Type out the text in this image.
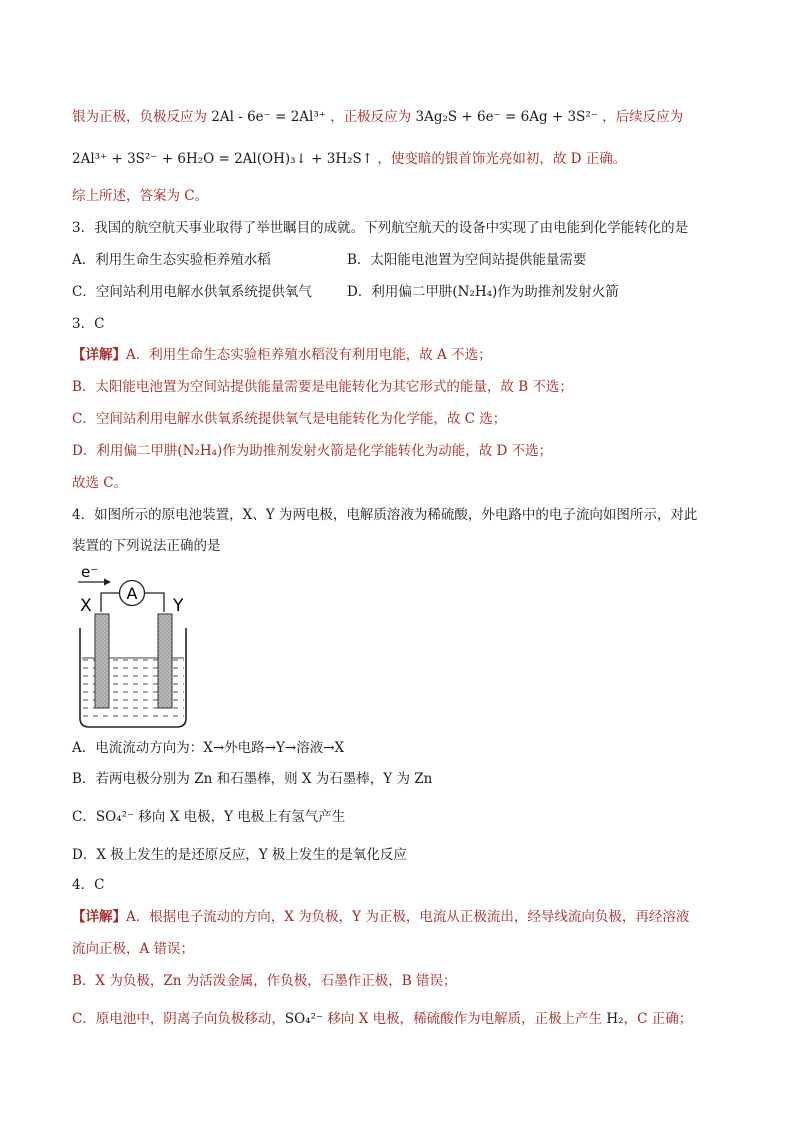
银为正极，负极反应为 2Al - 6e⁻ = 2Al³⁺ ，正极反应为 3Ag₂S + 6e⁻ = 6Ag + 3S²⁻ ，后续反应为
2Al³⁺ + 3S²⁻ + 6H₂O = 2Al(OH)₃↓ + 3H₂S↑ ，使变暗的银首饰光亮如初，故 D 正确。
综上所述，答案为 C。
3．我国的航空航天事业取得了举世瞩目的成就。下列航空航天的设备中实现了由电能到化学能转化的是
A．利用生命生态实验柜养殖水稻	B．太阳能电池置为空间站提供能量需要
C．空间站利用电解水供氧系统提供氧气	D．利用偏二甲肼(N₂H₄)作为助推剂发射火箭
3．C
【详解】A．利用生命生态实验柜养殖水稻没有利用电能，故 A 不选；
B．太阳能电池置为空间站提供能量需要是电能转化为其它形式的能量，故 B 不选；
C．空间站利用电解水供氧系统提供氧气是电能转化为化学能，故 C 选；
D．利用偏二甲肼(N₂H₄)作为助推剂发射火箭是化学能转化为动能，故 D 不选；
故选 C。
4．如图所示的原电池装置，X、Y 为两电极，电解质溶液为稀硫酸，外电路中的电子流向如图所示，对此
装置的下列说法正确的是
e⁻
A
X	Y
A．电流流动方向为：X→外电路→Y→溶液→X
B．若两电极分别为 Zn 和石墨棒，则 X 为石墨棒，Y 为 Zn
C．SO₄²⁻ 移向 X 电极，Y 电极上有氢气产生
D．X 极上发生的是还原反应，Y 极上发生的是氧化反应
4．C
【详解】A．根据电子流动的方向，X 为负极，Y 为正极，电流从正极流出，经导线流向负极，再经溶液
流向正极，A 错误；
B．X 为负极，Zn 为活泼金属，作负极，石墨作正极，B 错误；
C．原电池中，阴离子向负极移动，SO₄²⁻ 移向 X 电极，稀硫酸作为电解质，正极上产生 H₂，C 正确；
